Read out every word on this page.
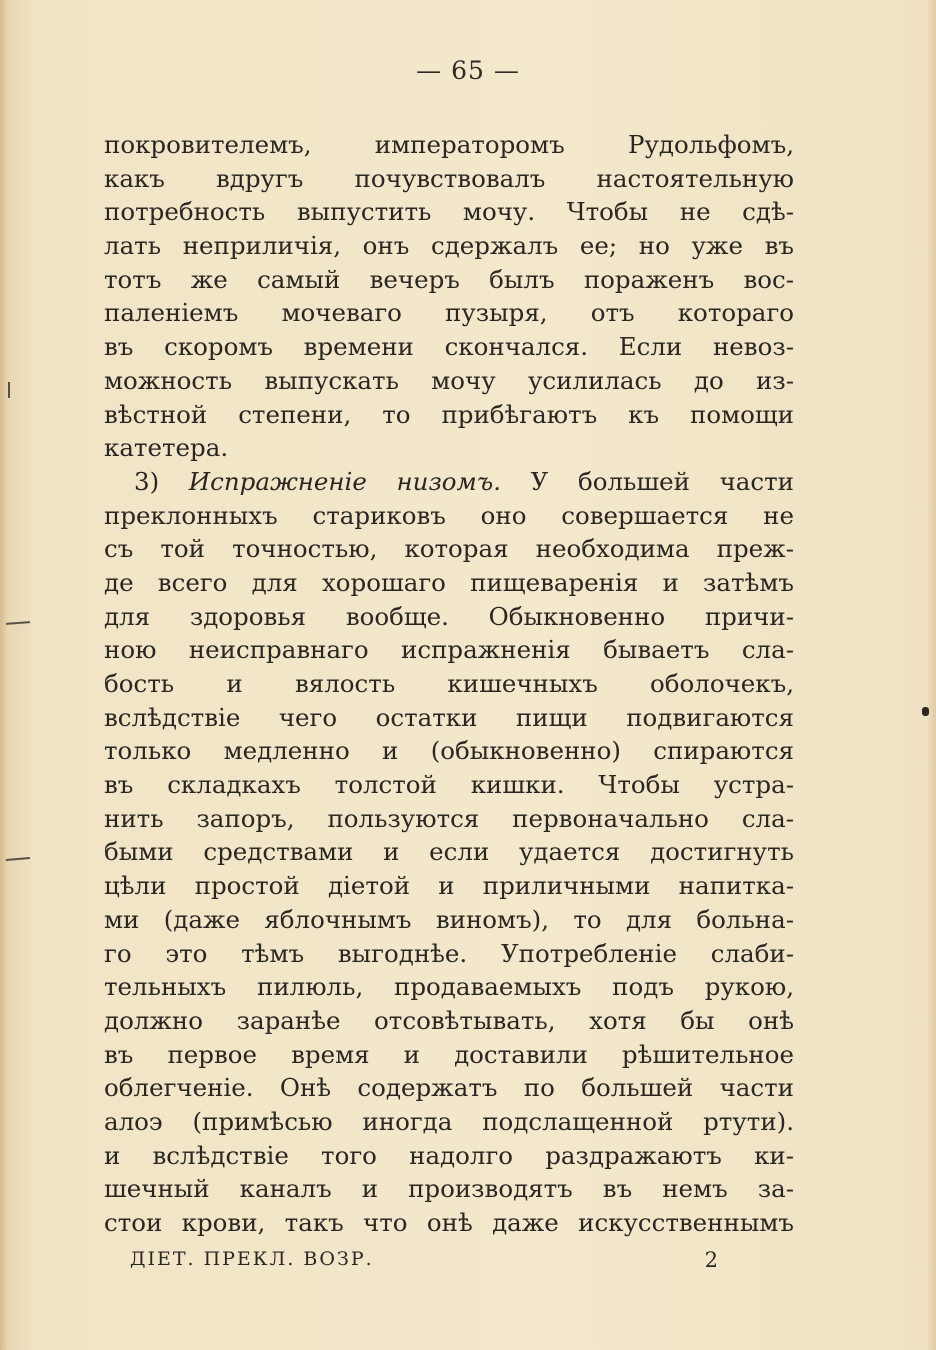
— 65 —
покровителемъ, императоромъ Рудольфомъ,
какъ вдругъ почувствовалъ настоятельную
потребность выпустить мочу. Чтобы не сдѣ-
лать неприличія, онъ сдержалъ ее; но уже въ
тотъ же самый вечеръ былъ пораженъ вос-
паленіемъ мочеваго пузыря, отъ котораго
въ скоромъ времени скончался. Если невоз-
можность выпускать мочу усилилась до из-
вѣстной степени, то прибѣгаютъ къ помощи
катетера.
3) Испражненіе низомъ. У большей части
преклонныхъ стариковъ оно совершается не
съ той точностью, которая необходима преж-
де всего для хорошаго пищеваренія и затѣмъ
для здоровья вообще. Обыкновенно причи-
ною неисправнаго испражненія бываетъ сла-
бость и вялость кишечныхъ оболочекъ,
вслѣдствіе чего остатки пищи подвигаются
только медленно и (обыкновенно) спираются
въ складкахъ толстой кишки. Чтобы устра-
нить запоръ, пользуются первоначально сла-
быми средствами и если удается достигнуть
цѣли простой діетой и приличными напитка-
ми (даже яблочнымъ виномъ), то для больна-
го это тѣмъ выгоднѣе. Употребленіе слаби-
тельныхъ пилюль, продаваемыхъ подъ рукою,
должно заранѣе отсовѣтывать, хотя бы онѣ
въ первое время и доставили рѣшительное
облегченіе. Онѣ содержатъ по большей части
алоэ (примѣсью иногда подслащенной ртути).
и вслѣдствіе того надолго раздражаютъ ки-
шечный каналъ и производятъ въ немъ за-
стои крови, такъ что онѣ даже искусственнымъ
ДIЕТ. ПРЕКЛ. ВОЗР.	2
